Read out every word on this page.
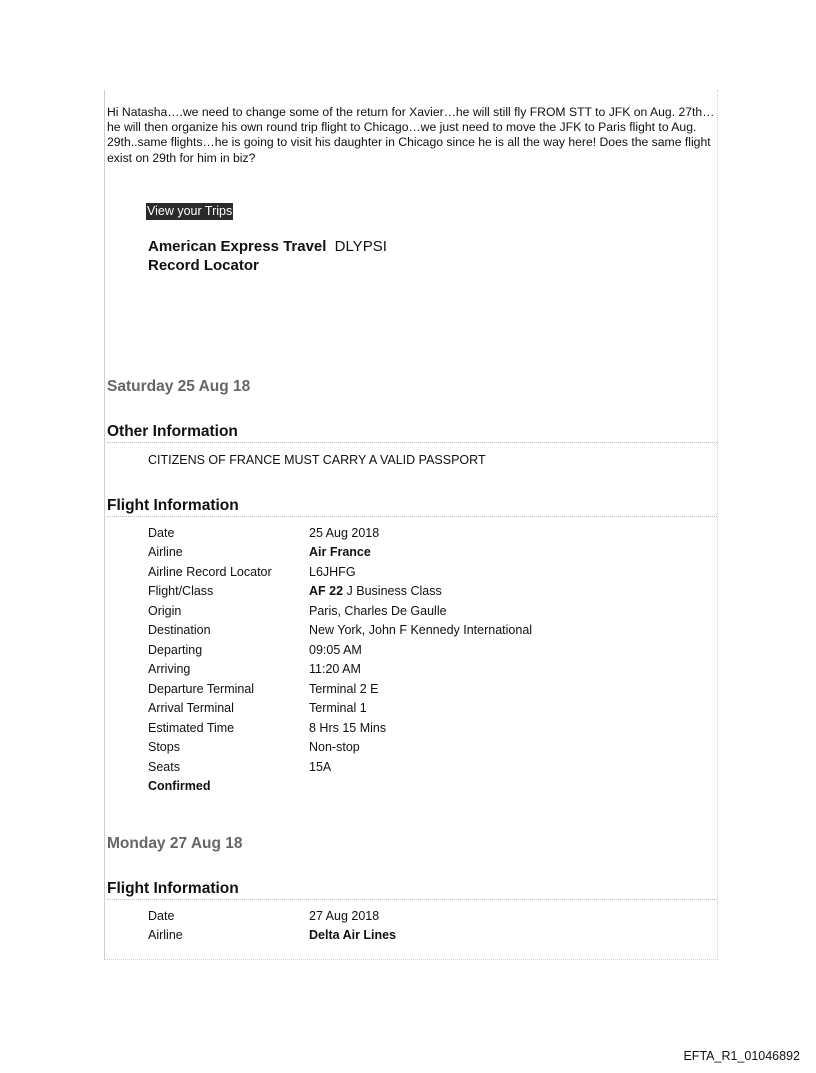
Hi Natasha….we need to change some of the return for Xavier…he will still fly FROM STT to JFK on Aug. 27th…he will then organize his own round trip flight to Chicago…we just need to move the JFK to Paris flight to Aug. 29th..same flights…he is going to visit his daughter in Chicago since he is all the way here! Does the same flight exist on 29th for him in biz?
View your Trips
American Express Travel DLYPSI
Record Locator
Saturday 25 Aug 18
Other Information
CITIZENS OF FRANCE MUST CARRY A VALID PASSPORT
Flight Information
Date	25 Aug 2018
Airline	Air France
Airline Record Locator	L6JHFG
Flight/Class	AF 22 J Business Class
Origin	Paris, Charles De Gaulle
Destination	New York, John F Kennedy International
Departing	09:05 AM
Arriving	11:20 AM
Departure Terminal	Terminal 2 E
Arrival Terminal	Terminal 1
Estimated Time	8 Hrs 15 Mins
Stops	Non-stop
Seats	15A
Confirmed	
Monday 27 Aug 18
Flight Information
Date	27 Aug 2018
Airline	Delta Air Lines
EFTA_R1_01046892
